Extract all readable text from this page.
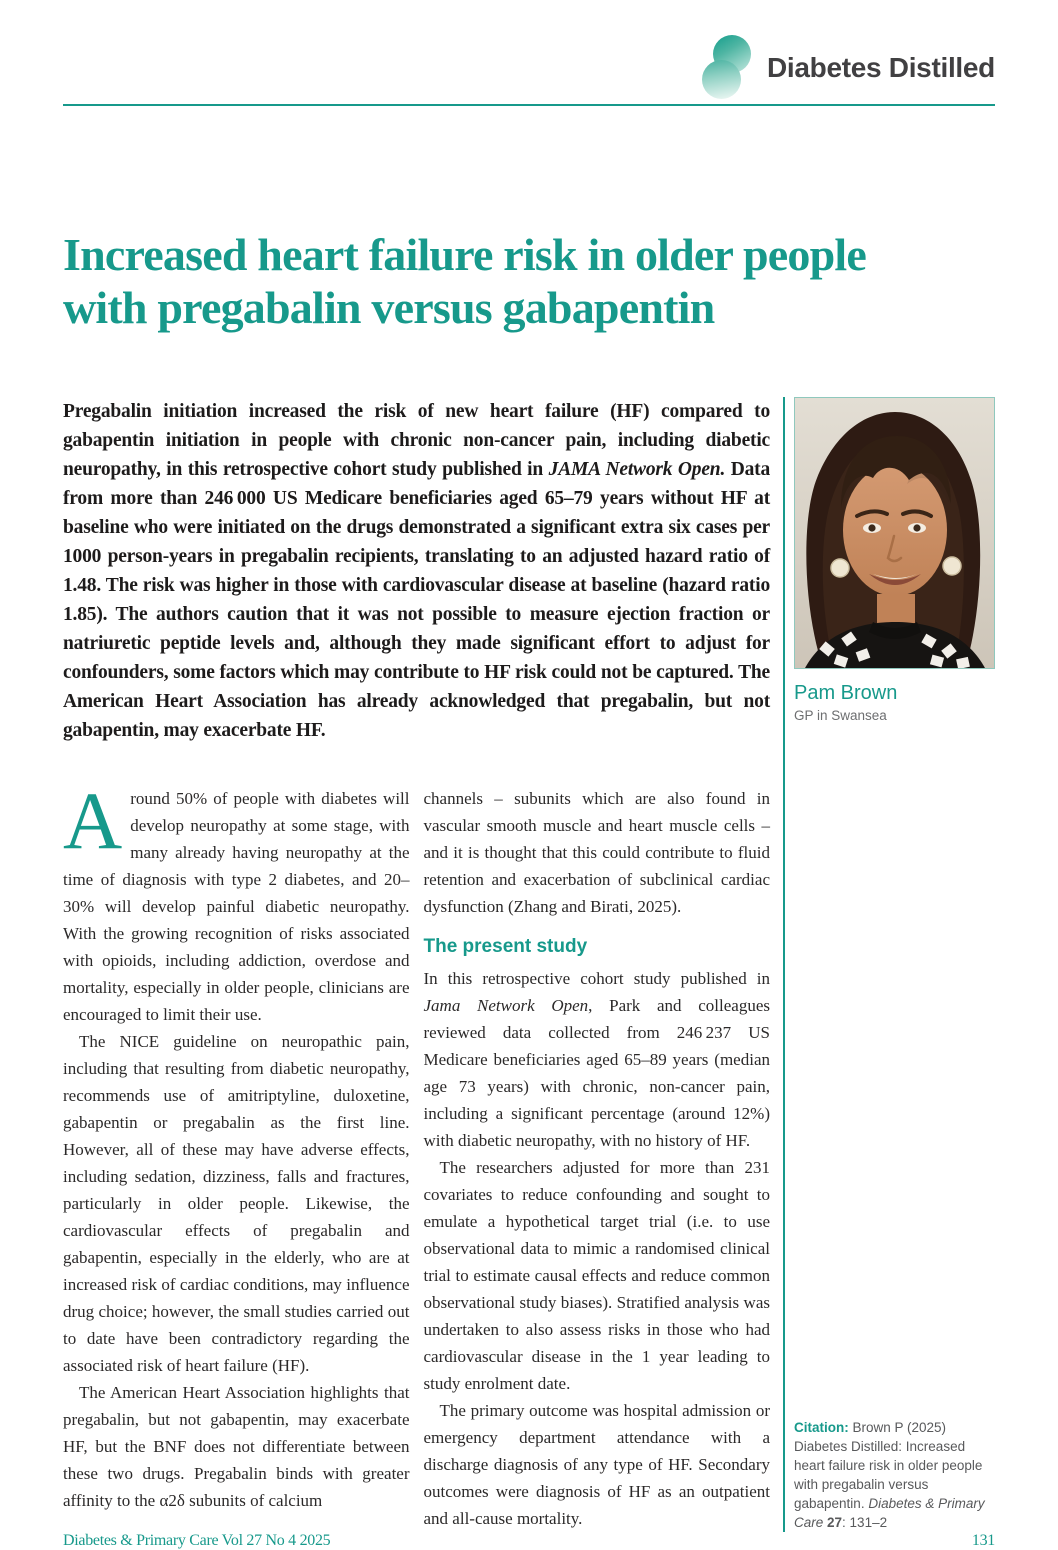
Diabetes Distilled
Increased heart failure risk in older people
with pregabalin versus gabapentin

Pregabalin initiation increased the risk of new heart failure (HF) compared to gabapentin initiation in people with chronic non-cancer pain, including diabetic neuropathy, in this retrospective cohort study published in JAMA Network Open. Data from more than 246 000 US Medicare beneficiaries aged 65–79 years without HF at baseline who were initiated on the drugs demonstrated a significant extra six cases per 1000 person-years in pregabalin recipients, translating to an adjusted hazard ratio of 1.48. The risk was higher in those with cardiovascular disease at baseline (hazard ratio 1.85). The authors caution that it was not possible to measure ejection fraction or natriuretic peptide levels and, although they made significant effort to adjust for confounders, some factors which may contribute to HF risk could not be captured. The American Heart Association has already acknowledged that pregabalin, but not gabapentin, may exacerbate HF.

Around 50% of people with diabetes will develop neuropathy at some stage, with many already having neuropathy at the time of diagnosis with type 2 diabetes, and 20–30% will develop painful diabetic neuropathy. With the growing recognition of risks associated with opioids, including addiction, overdose and mortality, especially in older people, clinicians are encouraged to limit their use.

The NICE guideline on neuropathic pain, including that resulting from diabetic neuropathy, recommends use of amitriptyline, duloxetine, gabapentin or pregabalin as the first line. However, all of these may have adverse effects, including sedation, dizziness, falls and fractures, particularly in older people. Likewise, the cardiovascular effects of pregabalin and gabapentin, especially in the elderly, who are at increased risk of cardiac conditions, may influence drug choice; however, the small studies carried out to date have been contradictory regarding the associated risk of heart failure (HF).

The American Heart Association highlights that pregabalin, but not gabapentin, may exacerbate HF, but the BNF does not differentiate between these two drugs. Pregabalin binds with greater affinity to the α2δ subunits of calcium

channels – subunits which are also found in vascular smooth muscle and heart muscle cells – and it is thought that this could contribute to fluid retention and exacerbation of subclinical cardiac dysfunction (Zhang and Birati, 2025).

The present study

In this retrospective cohort study published in Jama Network Open, Park and colleagues reviewed data collected from 246 237 US Medicare beneficiaries aged 65–89 years (median age 73 years) with chronic, non-cancer pain, including a significant percentage (around 12%) with diabetic neuropathy, with no history of HF.

The researchers adjusted for more than 231 covariates to reduce confounding and sought to emulate a hypothetical target trial (i.e. to use observational data to mimic a randomised clinical trial to estimate causal effects and reduce common observational study biases). Stratified analysis was undertaken to also assess risks in those who had cardiovascular disease in the 1 year leading to study enrolment date.

The primary outcome was hospital admission or emergency department attendance with a discharge diagnosis of any type of HF. Secondary outcomes were diagnosis of HF as an outpatient and all-cause mortality.

Pam Brown
GP in Swansea
Citation: Brown P (2025) Diabetes Distilled: Increased heart failure risk in older people with pregabalin versus gabapentin. Diabetes & Primary Care 27: 131–2
Diabetes & Primary Care Vol 27 No 4 2025	131
